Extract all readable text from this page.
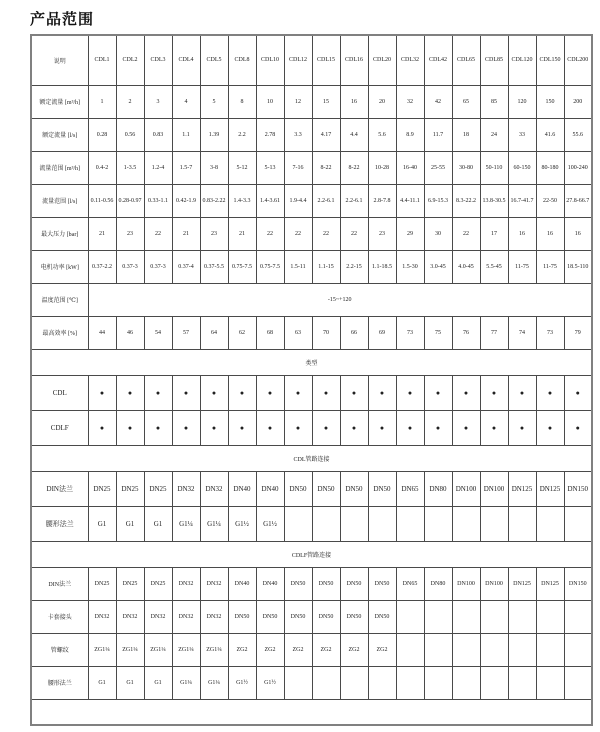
产品范围
说明	CDL1	CDL2	CDL3	CDL4	CDL5	CDL8	CDL10	CDL12	CDL15	CDL16	CDL20	CDL32	CDL42	CDL65	CDL85	CDL120	CDL150	CDL200
额定流量 [m³/h]	1	2	3	4	5	8	10	12	15	16	20	32	42	65	85	120	150	200
额定流量 [l/s]	0.28	0.56	0.83	1.1	1.39	2.2	2.78	3.3	4.17	4.4	5.6	8.9	11.7	18	24	33	41.6	55.6
流量范围 [m³/h]	0.4-2	1-3.5	1.2-4	1.5-7	3-8	5-12	5-13	7-16	8-22	8-22	10-28	16-40	25-55	30-80	50-110	60-150	80-180	100-240
流量范围 [l/s]	0.11-0.56	0.28-0.97	0.33-1.1	0.42-1.9	0.83-2.22	1.4-3.3	1.4-3.61	1.9-4.4	2.2-6.1	2.2-6.1	2.8-7.8	4.4-11.1	6.9-15.3	8.3-22.2	13.8-30.5	16.7-41.7	22-50	27.8-66.7
最大压力 [bar]	21	23	22	21	23	21	22	22	22	22	23	29	30	22	17	16	16	16
电机功率 [kW]	0.37-2.2	0.37-3	0.37-3	0.37-4	0.37-5.5	0.75-7.5	0.75-7.5	1.5-11	1.1-15	2.2-15	1.1-18.5	1.5-30	3.0-45	4.0-45	5.5-45	11-75	11-75	18.5-110
温度范围 [℃]	-15~+120																	
最高效率 [%]	44	46	54	57	64	62	68	63	70	66	69	73	75	76	77	74	73	79
类型																		
CDL	●	●	●	●	●	●	●	●	●	●	●	●	●	●	●	●	●	●
CDLF	●	●	●	●	●	●	●	●	●	●	●	●	●	●	●	●	●	●
CDL管路连接																		
DIN法兰	DN25	DN25	DN25	DN32	DN32	DN40	DN40	DN50	DN50	DN50	DN50	DN65	DN80	DN100	DN100	DN125	DN125	DN150
腰形法兰	G1	G1	G1	G1¼	G1¼	G1½	G1½											
CDLF管路连接																		
DIN法兰	DN25	DN25	DN25	DN32	DN32	DN40	DN40	DN50	DN50	DN50	DN50	DN65	DN80	DN100	DN100	DN125	DN125	DN150
卡套接头	DN32	DN32	DN32	DN32	DN32	DN50	DN50	DN50	DN50	DN50	DN50							
管螺纹	ZG1¼	ZG1¼	ZG1¼	ZG1¼	ZG1¼	ZG2	ZG2	ZG2	ZG2	ZG2	ZG2							
腰形法兰	G1	G1	G1	G1¼	G1¼	G1½	G1½											
